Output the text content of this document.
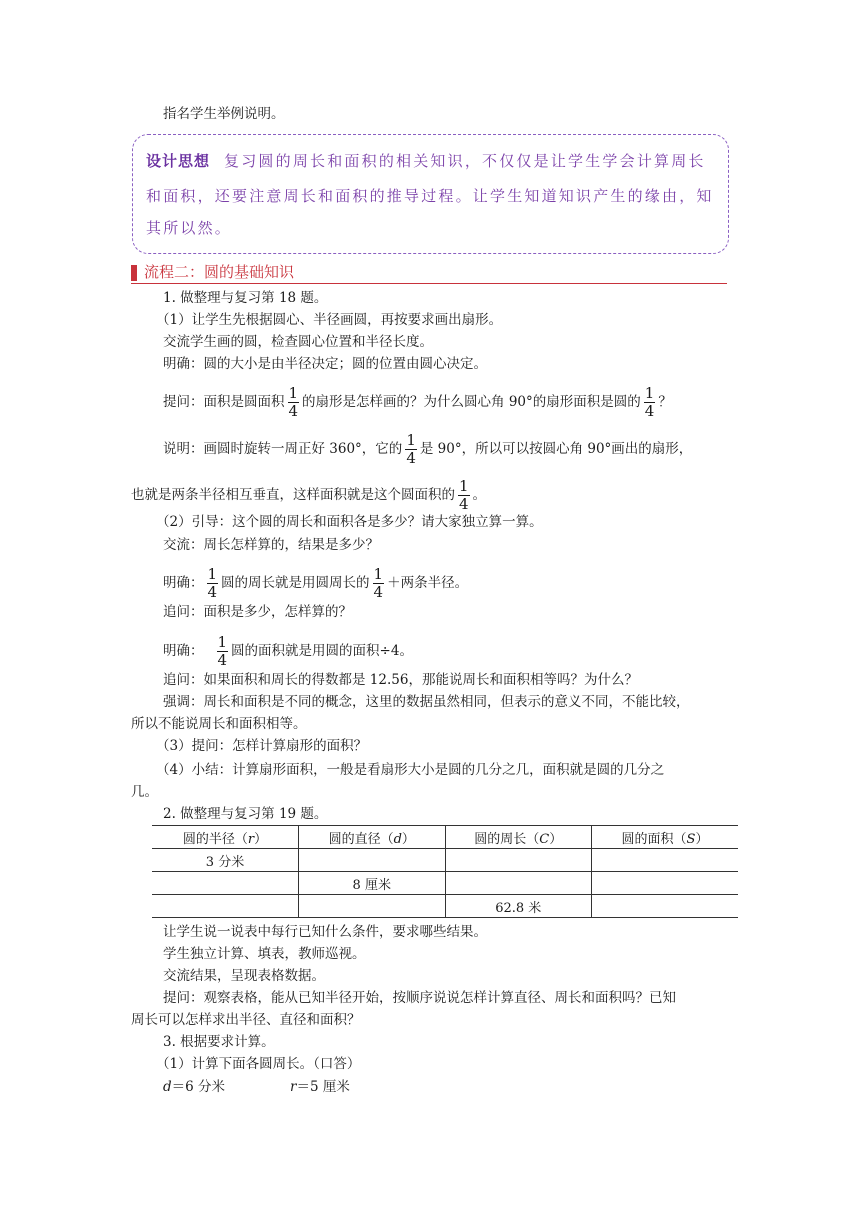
指名学生举例说明。
设计思想 复习圆的周长和面积的相关知识，不仅仅是让学生学会计算周长
和面积，还要注意周长和面积的推导过程。让学生知道知识产生的缘由，知
其所以然。
流程二：圆的基础知识
1. 做整理与复习第 18 题。
（1）让学生先根据圆心、半径画圆，再按要求画出扇形。
交流学生画的圆，检查圆心位置和半径长度。
明确：圆的大小是由半径决定；圆的位置由圆心决定。
提问：面积是圆面积 $\frac{1}{4}$ 的扇形是怎样画的？为什么圆心角 90°的扇形面积是圆的 $\frac{1}{4}$ ？
说明：画圆时旋转一周正好 360°，它的 $\frac{1}{4}$ 是 90°，所以可以按圆心角 90°画出的扇形，
也就是两条半径相互垂直，这样面积就是这个圆面积的 $\frac{1}{4}$ 。
（2）引导：这个圆的周长和面积各是多少？请大家独立算一算。
交流：周长怎样算的，结果是多少？
明确： $\frac{1}{4}$ 圆的周长就是用圆周长的 $\frac{1}{4}$ ＋两条半径。
追问：面积是多少，怎样算的？
明确： $\frac{1}{4}$ 圆的面积就是用圆的面积÷4。
追问：如果面积和周长的得数都是 12.56，那能说周长和面积相等吗？为什么？
强调：周长和面积是不同的概念，这里的数据虽然相同，但表示的意义不同，不能比较，
所以不能说周长和面积相等。
（3）提问：怎样计算扇形的面积？
（4）小结：计算扇形面积，一般是看扇形大小是圆的几分之几，面积就是圆的几分之
几。
2. 做整理与复习第 19 题。
圆的半径（r）	圆的直径（d）	圆的周长（C）	圆的面积（S）
3 分米			
	8 厘米		
		62.8 米	
让学生说一说表中每行已知什么条件，要求哪些结果。
学生独立计算、填表，教师巡视。
交流结果，呈现表格数据。
提问：观察表格，能从已知半径开始，按顺序说说怎样计算直径、周长和面积吗？已知
周长可以怎样求出半径、直径和面积？
3. 根据要求计算。
（1）计算下面各圆周长。（口答）
d＝6 分米	r＝5 厘米
